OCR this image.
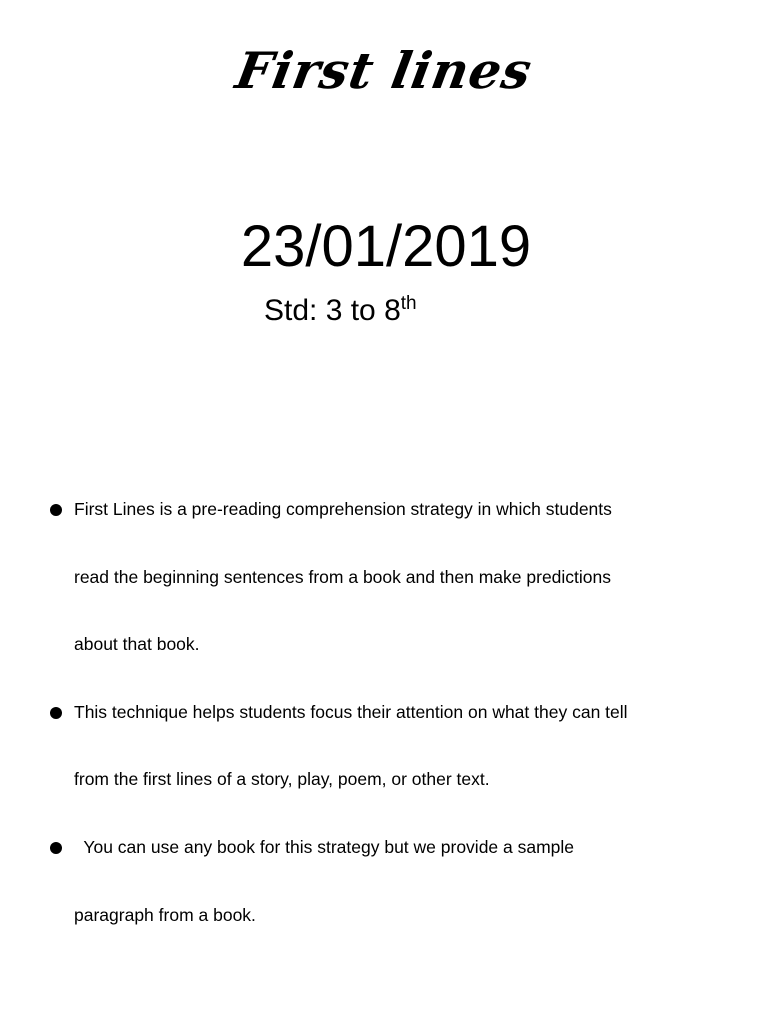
First lines
23/01/2019
Std: 3 to 8th
First Lines is a pre-reading comprehension strategy in which students
read the beginning sentences from a book and then make predictions
about that book.
This technique helps students focus their attention on what they can tell
from the first lines of a story, play, poem, or other text.
You can use any book for this strategy but we provide a sample
paragraph from a book.
